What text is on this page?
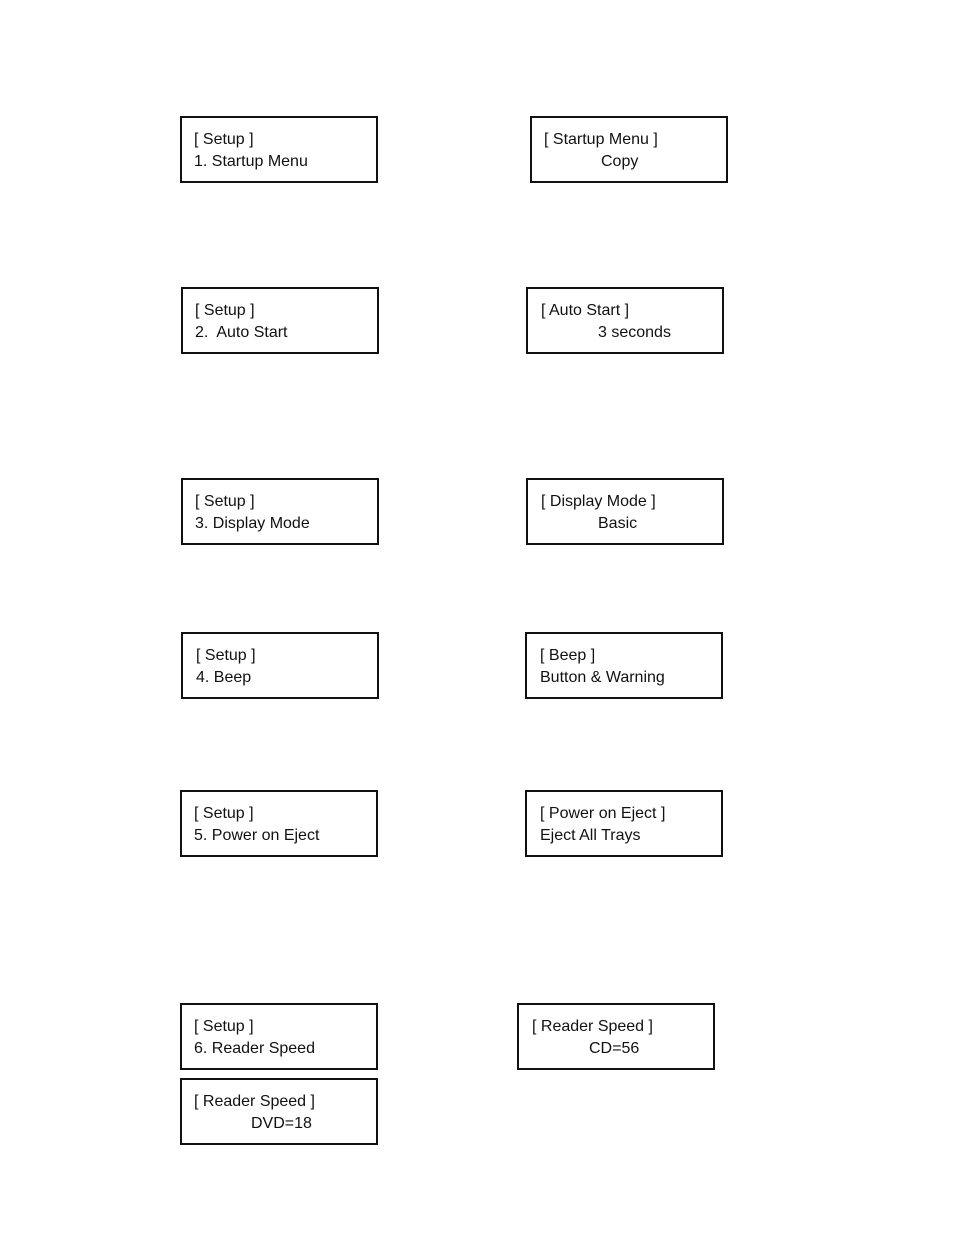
[ Setup ]
1. Startup Menu
[ Startup Menu ]
Copy
[ Setup ]
2.  Auto Start
[ Auto Start ]
3 seconds
[ Setup ]
3. Display Mode
[ Display Mode ]
Basic
[ Setup ]
4. Beep
[ Beep ]
Button & Warning
[ Setup ]
5. Power on Eject
[ Power on Eject ]
Eject All Trays
[ Setup ]
6. Reader Speed
[ Reader Speed ]
CD=56
[ Reader Speed ]
DVD=18
